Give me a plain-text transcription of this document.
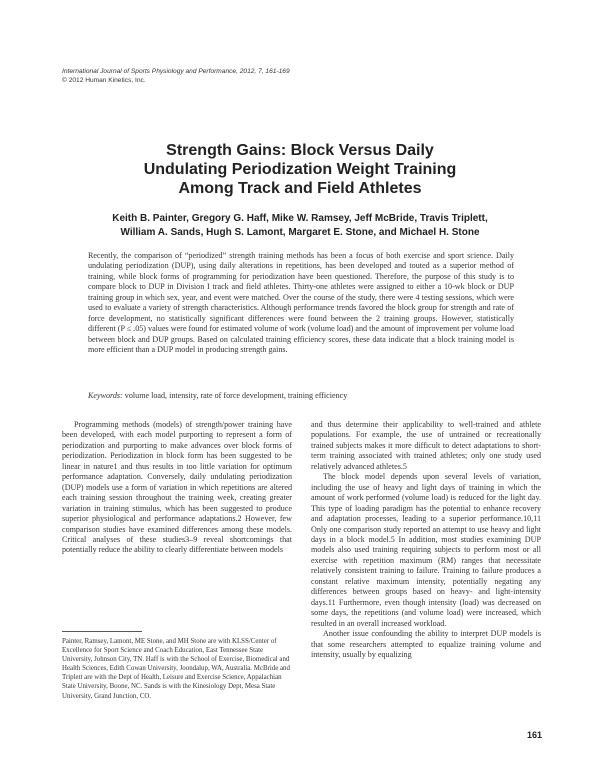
International Journal of Sports Physiology and Performance, 2012, 7, 161-169
© 2012 Human Kinetics, Inc.
Strength Gains: Block Versus Daily
Undulating Periodization Weight Training
Among Track and Field Athletes
Keith B. Painter, Gregory G. Haff, Mike W. Ramsey, Jeff McBride, Travis Triplett,
William A. Sands, Hugh S. Lamont, Margaret E. Stone, and Michael H. Stone
Recently, the comparison of “periodized” strength training methods has been a focus of both exercise and sport science. Daily undulating periodization (DUP), using daily alterations in repetitions, has been developed and touted as a superior method of training, while block forms of programming for periodization have been questioned. Therefore, the purpose of this study is to compare block to DUP in Division I track and field athletes. Thirty-one athletes were assigned to either a 10-wk block or DUP training group in which sex, year, and event were matched. Over the course of the study, there were 4 testing sessions, which were used to evaluate a variety of strength characteristics. Although performance trends favored the block group for strength and rate of force development, no statistically significant differences were found between the 2 training groups. However, statistically different (P ≤ .05) values were found for estimated volume of work (volume load) and the amount of improvement per volume load between block and DUP groups. Based on calculated training efficiency scores, these data indicate that a block training model is more efficient than a DUP model in producing strength gains.
Keywords: volume load, intensity, rate of force development, training efficiency

Programming methods (models) of strength/power training have been developed, with each model purporting to represent a form of periodization and purporting to make advances over block forms of periodization. Periodization in block form has been suggested to be linear in nature1 and thus results in too little variation for optimum performance adaptation. Conversely, daily undulating periodization (DUP) models use a form of variation in which repetitions are altered each training session throughout the training week, creating greater variation in training stimulus, which has been suggested to produce superior physiological and performance adaptations.2 However, few comparison studies have examined differences among these models. Critical analyses of these studies3–9 reveal shortcomings that potentially reduce the ability to clearly differentiate between models

and thus determine their applicability to well-trained and athlete populations. For example, the use of untrained or recreationally trained subjects makes it more difficult to detect adaptations to short-term training associated with trained athletes; only one study used relatively advanced athletes.5

The block model depends upon several levels of variation, including the use of heavy and light days of training in which the amount of work performed (volume load) is reduced for the light day. This type of loading paradigm has the potential to enhance recovery and adaptation processes, leading to a superior performance.10,11 Only one comparison study reported an attempt to use heavy and light days in a block model.5 In addition, most studies examining DUP models also used training requiring subjects to perform most or all exercise with repetition maximum (RM) ranges that necessitate relatively consistent training to failure. Training to failure produces a constant relative maximum intensity, potentially negating any differences between groups based on heavy- and light-intensity days.11 Furthermore, even though intensity (load) was decreased on some days, the repetitions (and volume load) were increased, which resulted in an overall increased workload.

Another issue confounding the ability to interpret DUP models is that some researchers attempted to equalize training volume and intensity, usually by equalizing

Painter, Ramsey, Lamont, ME Stone, and MH Stone are with KLSS/Center of Excellence for Sport Science and Coach Education, East Tennessee State University, Johnson City, TN. Haff is with the School of Exercise, Biomedical and Health Sciences, Edith Cowan University, Joondalup, WA, Australia. McBride and Triplett are with the Dept of Health, Leisure and Exercise Science, Appalachian State University, Boone, NC. Sands is with the Kinesiology Dept, Mesa State University, Grand Junction, CO.
161
